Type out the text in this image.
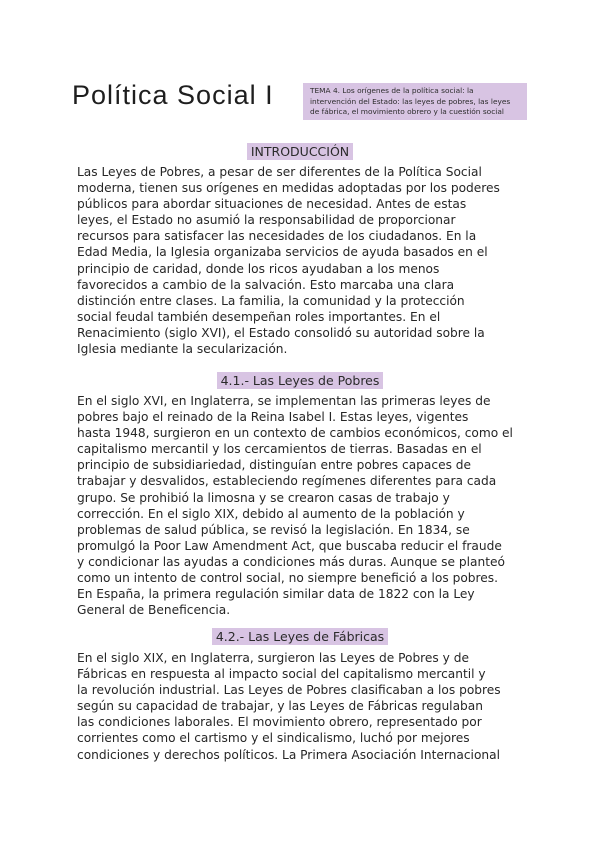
Política Social I	TEMA 4. Los orígenes de la política social: la intervención del Estado: las leyes de pobres, las leyes de fábrica, el movimiento obrero y la cuestión social
INTRODUCCIÓN
Las Leyes de Pobres, a pesar de ser diferentes de la Política Social
moderna, tienen sus orígenes en medidas adoptadas por los poderes
públicos para abordar situaciones de necesidad. Antes de estas
leyes, el Estado no asumió la responsabilidad de proporcionar
recursos para satisfacer las necesidades de los ciudadanos. En la
Edad Media, la Iglesia organizaba servicios de ayuda basados en el
principio de caridad, donde los ricos ayudaban a los menos
favorecidos a cambio de la salvación. Esto marcaba una clara
distinción entre clases. La familia, la comunidad y la protección
social feudal también desempeñan roles importantes. En el
Renacimiento (siglo XVI), el Estado consolidó su autoridad sobre la
Iglesia mediante la secularización.
4.1.- Las Leyes de Pobres
En el siglo XVI, en Inglaterra, se implementan las primeras leyes de
pobres bajo el reinado de la Reina Isabel I. Estas leyes, vigentes
hasta 1948, surgieron en un contexto de cambios económicos, como el
capitalismo mercantil y los cercamientos de tierras. Basadas en el
principio de subsidiariedad, distinguían entre pobres capaces de
trabajar y desvalidos, estableciendo regímenes diferentes para cada
grupo. Se prohibió la limosna y se crearon casas de trabajo y
corrección. En el siglo XIX, debido al aumento de la población y
problemas de salud pública, se revisó la legislación. En 1834, se
promulgó la Poor Law Amendment Act, que buscaba reducir el fraude
y condicionar las ayudas a condiciones más duras. Aunque se planteó
como un intento de control social, no siempre benefició a los pobres.
En España, la primera regulación similar data de 1822 con la Ley
General de Beneficencia.
4.2.- Las Leyes de Fábricas
En el siglo XIX, en Inglaterra, surgieron las Leyes de Pobres y de
Fábricas en respuesta al impacto social del capitalismo mercantil y
la revolución industrial. Las Leyes de Pobres clasificaban a los pobres
según su capacidad de trabajar, y las Leyes de Fábricas regulaban
las condiciones laborales. El movimiento obrero, representado por
corrientes como el cartismo y el sindicalismo, luchó por mejores
condiciones y derechos políticos. La Primera Asociación Internacional
